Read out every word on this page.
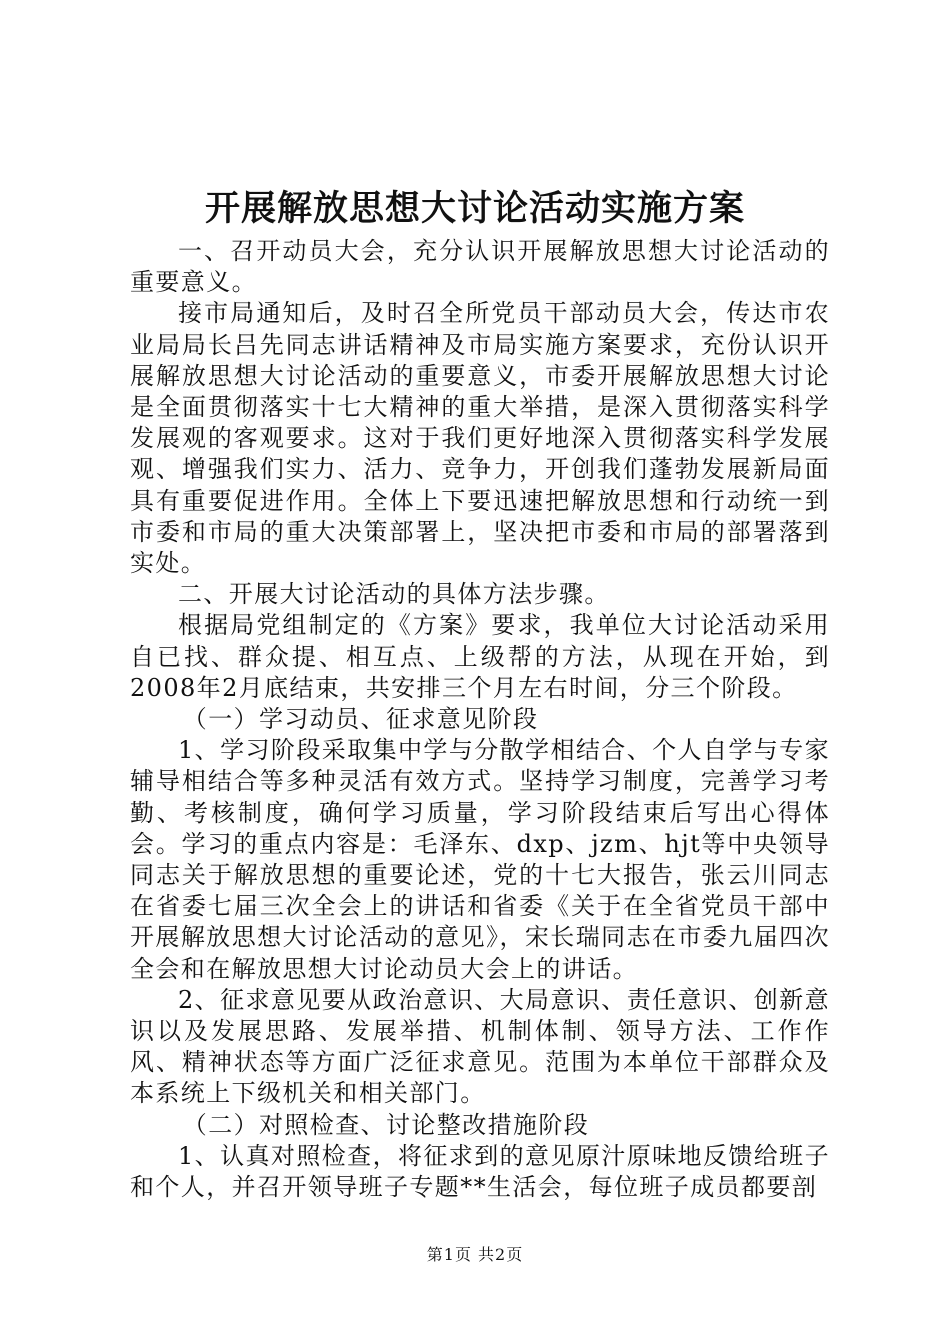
开展解放思想大讨论活动实施方案

一、召开动员大会，充分认识开展解放思想大讨论活动的重要意义。

接市局通知后，及时召全所党员干部动员大会，传达市农业局局长吕先同志讲话精神及市局实施方案要求，充份认识开展解放思想大讨论活动的重要意义，市委开展解放思想大讨论是全面贯彻落实十七大精神的重大举措，是深入贯彻落实科学发展观的客观要求。这对于我们更好地深入贯彻落实科学发展观、增强我们实力、活力、竞争力，开创我们蓬勃发展新局面具有重要促进作用。全体上下要迅速把解放思想和行动统一到市委和市局的重大决策部署上，坚决把市委和市局的部署落到实处。

二、开展大讨论活动的具体方法步骤。

根据局党组制定的《方案》要求，我单位大讨论活动采用自已找、群众提、相互点、上级帮的方法，从现在开始，到2008年2月底结束，共安排三个月左右时间，分三个阶段。

（一）学习动员、征求意见阶段

1、学习阶段采取集中学与分散学相结合、个人自学与专家辅导相结合等多种灵活有效方式。坚持学习制度，完善学习考勤、考核制度，确何学习质量，学习阶段结束后写出心得体会。学习的重点内容是：毛泽东、dxp、jzm、hjt等中央领导同志关于解放思想的重要论述，党的十七大报告，张云川同志在省委七届三次全会上的讲话和省委《关于在全省党员干部中开展解放思想大讨论活动的意见》，宋长瑞同志在市委九届四次全会和在解放思想大讨论动员大会上的讲话。

2、征求意见要从政治意识、大局意识、责任意识、创新意识以及发展思路、发展举措、机制体制、领导方法、工作作风、精神状态等方面广泛征求意见。范围为本单位干部群众及本系统上下级机关和相关部门。

（二）对照检查、讨论整改措施阶段

1、认真对照检查，将征求到的意见原汁原味地反馈给班子和个人，并召开领导班子专题**生活会，每位班子成员都要剖

第1页 共2页
